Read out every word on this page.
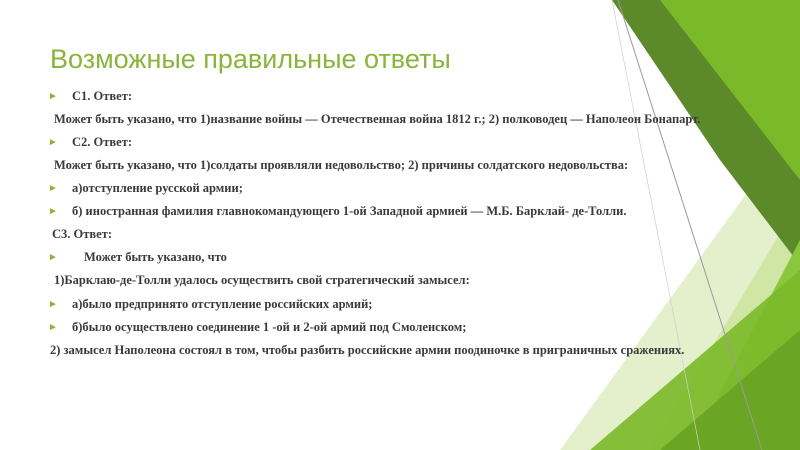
Возможные правильные ответы
► С1. Ответ:
Может быть указано, что 1)название войны — Отечественная война 1812 г.; 2) полководец — Наполеон Бонапарт.
► С2. Ответ:
Может быть указано, что 1)солдаты проявляли недовольство; 2) причины солдатского недовольства:
► а)отступление русской армии;
► б) иностранная фамилия главнокомандующего 1-ой Западной армией — М.Б. Барклай- де-Толли.
С3. Ответ:
► Может быть указано, что
1)Барклаю-де-Толли удалось осуществить свой стратегический замысел:
► а)было предпринято отступление российских армий;
► б)было осуществлено соединение 1 -ой и 2-ой армий под Смоленском;
2) замысел Наполеона состоял в том, чтобы разбить российские армии поодиночке в приграничных сражениях.
